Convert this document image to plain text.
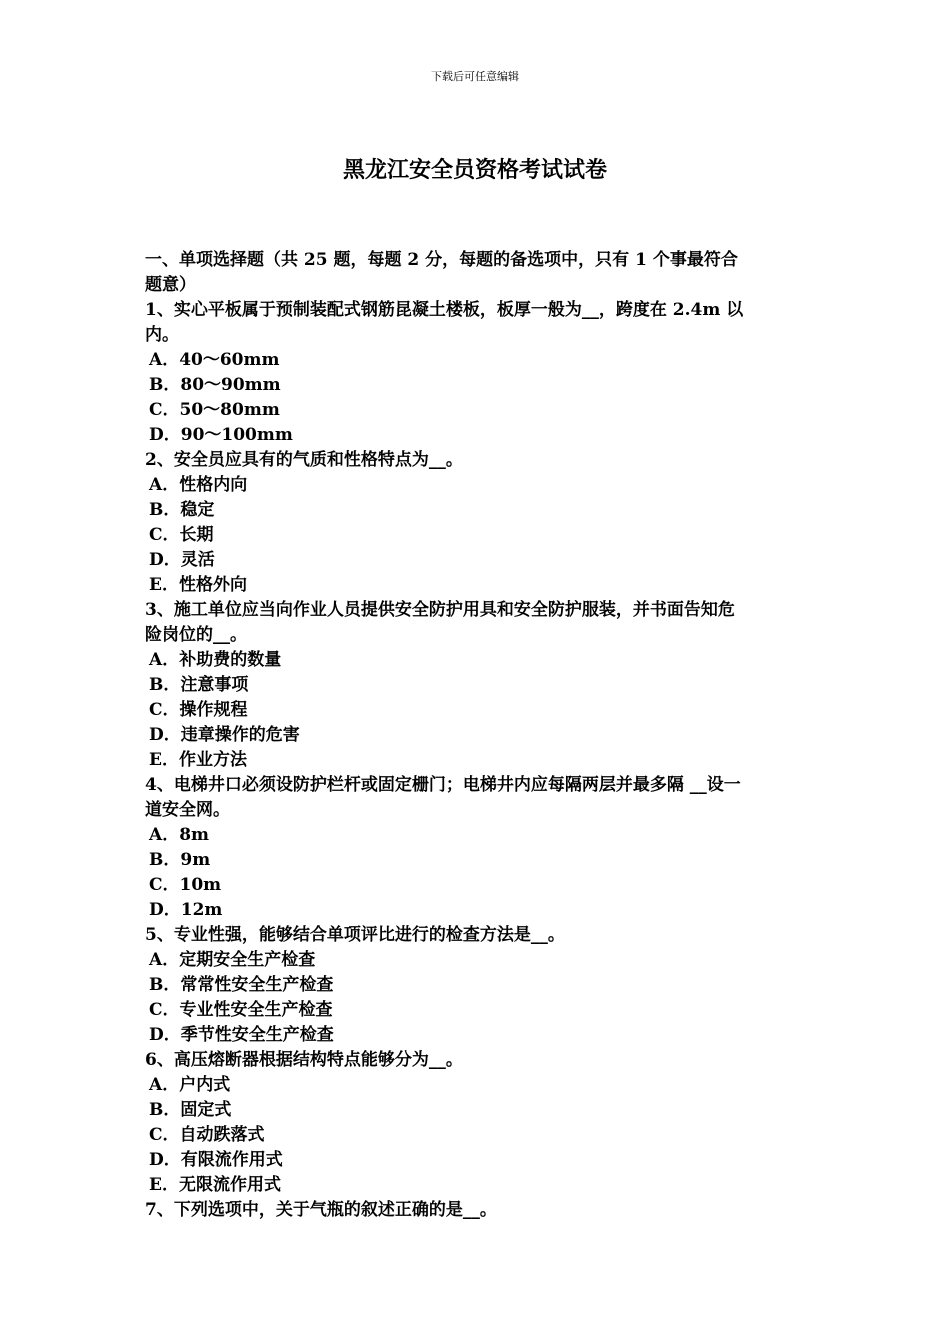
下载后可任意编辑
黑龙江安全员资格考试试卷
一、单项选择题（共 25 题，每题 2 分，每题的备选项中，只有 1 个事最符合
题意）
1、实心平板属于预制装配式钢筋昆凝土楼板，板厚一般为__，跨度在 2.4m 以
内。
A．40～60mm
B．80～90mm
C．50～80mm
D．90～100mm
2、安全员应具有的气质和性格特点为__。
A．性格内向
B．稳定
C．长期
D．灵活
E．性格外向
3、施工单位应当向作业人员提供安全防护用具和安全防护服装，并书面告知危
险岗位的__。
A．补助费的数量
B．注意事项
C．操作规程
D．违章操作的危害
E．作业方法
4、电梯井口必须设防护栏杆或固定栅门；电梯井内应每隔两层并最多隔 __设一
道安全网。
A．8m
B．9m
C．10m
D．12m
5、专业性强，能够结合单项评比进行的检查方法是__。
A．定期安全生产检查
B．常常性安全生产检查
C．专业性安全生产检查
D．季节性安全生产检查
6、高压熔断器根据结构特点能够分为__。
A．户内式
B．固定式
C．自动跌落式
D．有限流作用式
E．无限流作用式
7、下列选项中，关于气瓶的叙述正确的是__。
